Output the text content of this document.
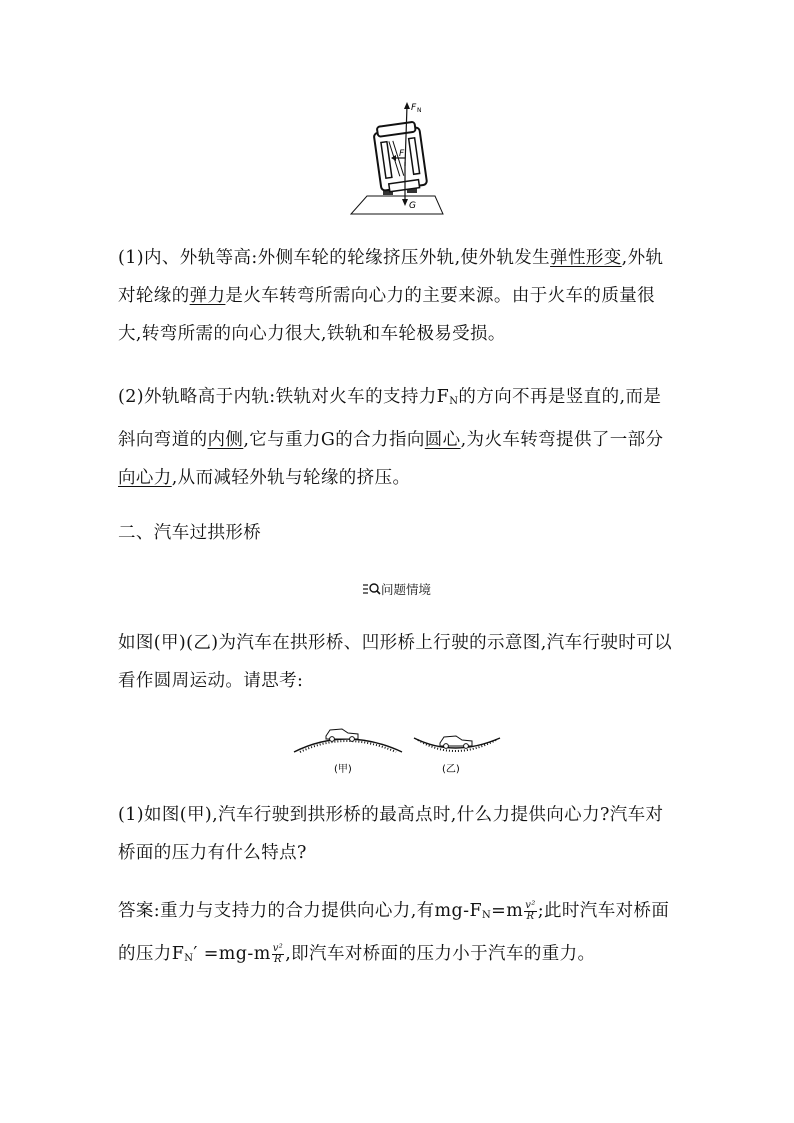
F N
F
G

(1)内、外轨等高:外侧车轮的轮缘挤压外轨,使外轨发生弹性形变,外轨对轮缘的弹力是火车转弯所需向心力的主要来源。由于火车的质量很大,转弯所需的向心力很大,铁轨和车轮极易受损。

(2)外轨略高于内轨:铁轨对火车的支持力$F_N$的方向不再是竖直的,而是斜向弯道的内侧,它与重力G的合力指向圆心,为火车转弯提供了一部分向心力,从而减轻外轨与轮缘的挤压。

二、汽车过拱形桥

问题情境

如图(甲)(乙)为汽车在拱形桥、凹形桥上行驶的示意图,汽车行驶时可以看作圆周运动。请思考:

(甲)	(乙)

(1)如图(甲),汽车行驶到拱形桥的最高点时,什么力提供向心力?汽车对桥面的压力有什么特点?

答案:重力与支持力的合力提供向心力,有$mg-F_N=m \frac{\text{v²}}{R}$ ;此时汽车对桥面的压力$F_N' =mg-m \frac{\text{v²}}{R}$ ,即汽车对桥面的压力小于汽车的重力。
